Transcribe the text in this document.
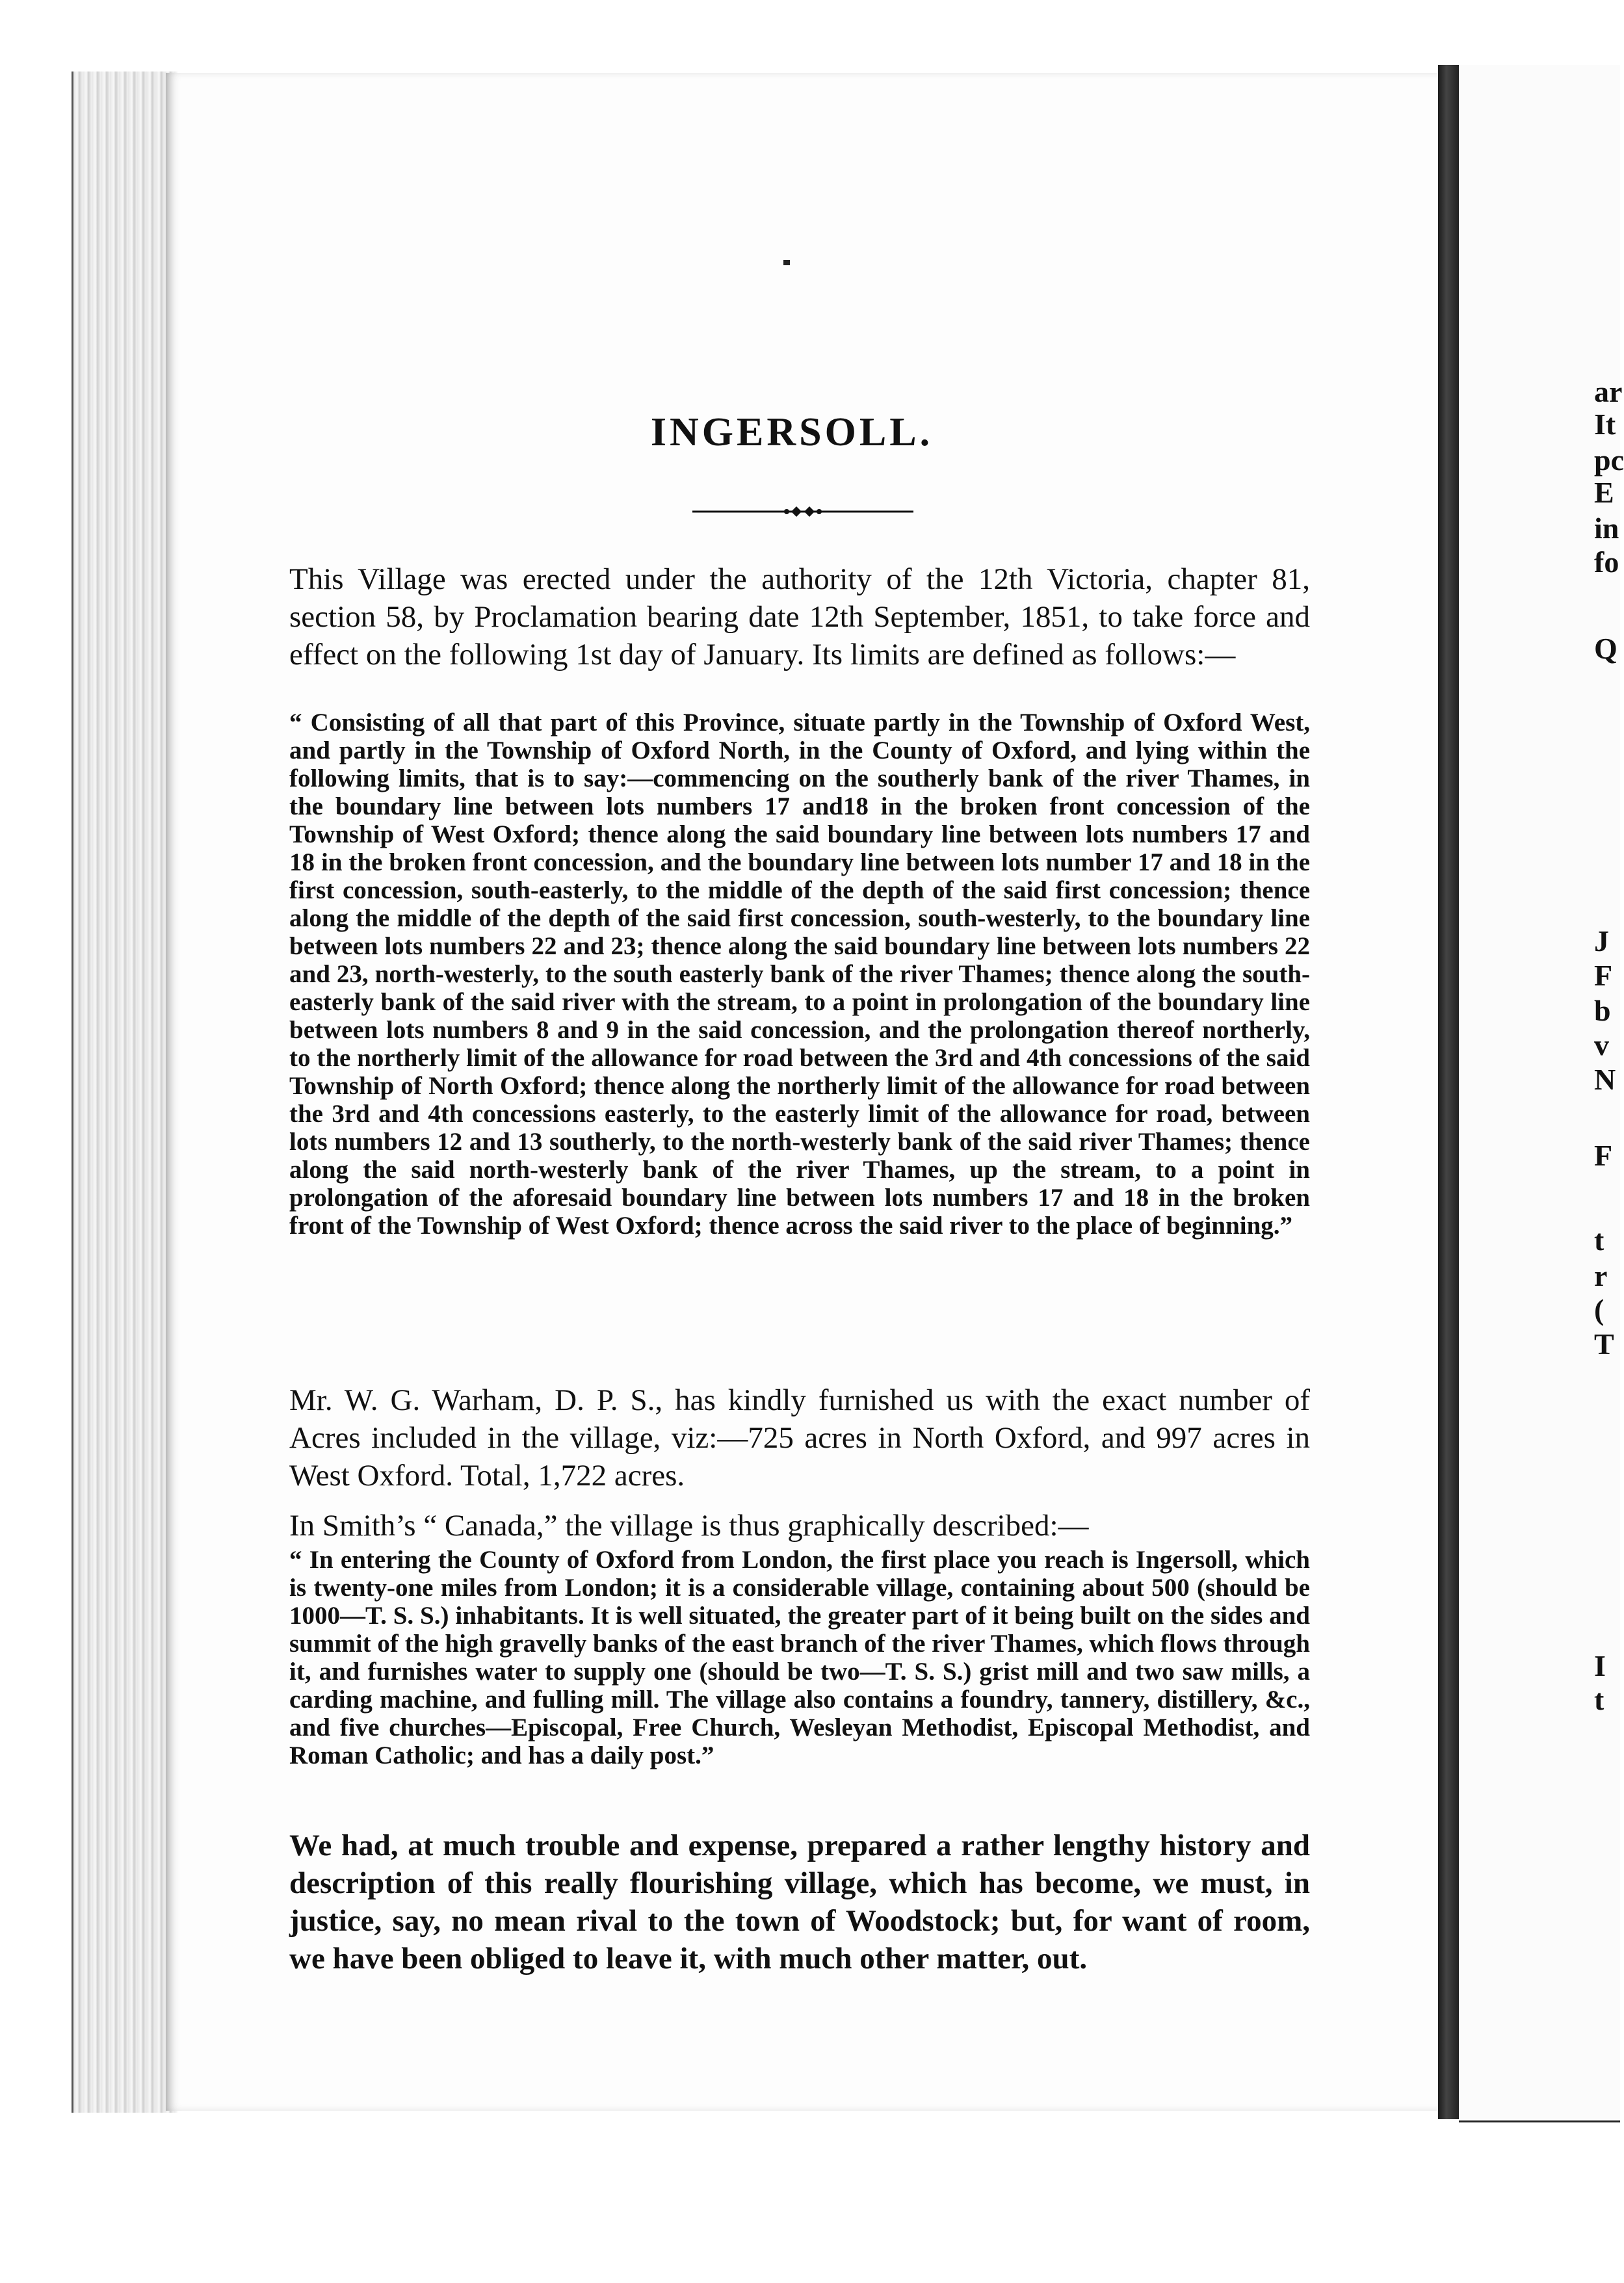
INGERSOLL.

This Village was erected under the authority of the 12th Victoria, chapter 81, section 58, by Proclamation bearing date 12th September, 1851, to take force and effect on the following 1st day of January. Its limits are defined as follows:—

“ Consisting of all that part of this Province, situate partly in the Township of Oxford West, and partly in the Township of Oxford North, in the County of Oxford, and lying within the following limits, that is to say:—commencing on the southerly bank of the river Thames, in the boundary line between lots numbers 17 and18 in the broken front concession of the Township of West Oxford; thence along the said boundary line between lots numbers 17 and 18 in the broken front concession, and the boundary line between lots number 17 and 18 in the first concession, south-easterly, to the middle of the depth of the said first concession; thence along the middle of the depth of the said first concession, south-westerly, to the boundary line between lots numbers 22 and 23; thence along the said boundary line between lots numbers 22 and 23, north-westerly, to the south easterly bank of the river Thames; thence along the south-easterly bank of the said river with the stream, to a point in prolongation of the boundary line between lots numbers 8 and 9 in the said concession, and the prolongation thereof northerly, to the northerly limit of the allowance for road between the 3rd and 4th concessions of the said Township of North Oxford; thence along the northerly limit of the allowance for road between the 3rd and 4th concessions easterly, to the easterly limit of the allowance for road, between lots numbers 12 and 13 southerly, to the north-westerly bank of the said river Thames; thence along the said north-westerly bank of the river Thames, up the stream, to a point in prolongation of the aforesaid boundary line between lots numbers 17 and 18 in the broken front of the Township of West Oxford; thence across the said river to the place of beginning.”

Mr. W. G. Warham, D. P. S., has kindly furnished us with the exact number of Acres included in the village, viz:—725 acres in North Oxford, and 997 acres in West Oxford. Total, 1,722 acres.

In Smith’s “ Canada,” the village is thus graphically described:—

“ In entering the County of Oxford from London, the first place you reach is Ingersoll, which is twenty-one miles from London; it is a considerable village, containing about 500 (should be 1000—T. S. S.) inhabitants. It is well situated, the greater part of it being built on the sides and summit of the high gravelly banks of the east branch of the river Thames, which flows through it, and furnishes water to supply one (should be two—T. S. S.) grist mill and two saw mills, a carding machine, and fulling mill. The village also contains a foundry, tannery, distillery, &c., and five churches—Episcopal, Free Church, Wesleyan Methodist, Episcopal Methodist, and Roman Catholic; and has a daily post.”

We had, at much trouble and expense, prepared a rather lengthy history and description of this really flourishing village, which has become, we must, in justice, say, no mean rival to the town of Woodstock; but, for want of room, we have been obliged to leave it, with much other matter, out.

ar
It
pc
E
in
fo
Q
J
F
b
v
N
F
t
r
(
T
I
t
